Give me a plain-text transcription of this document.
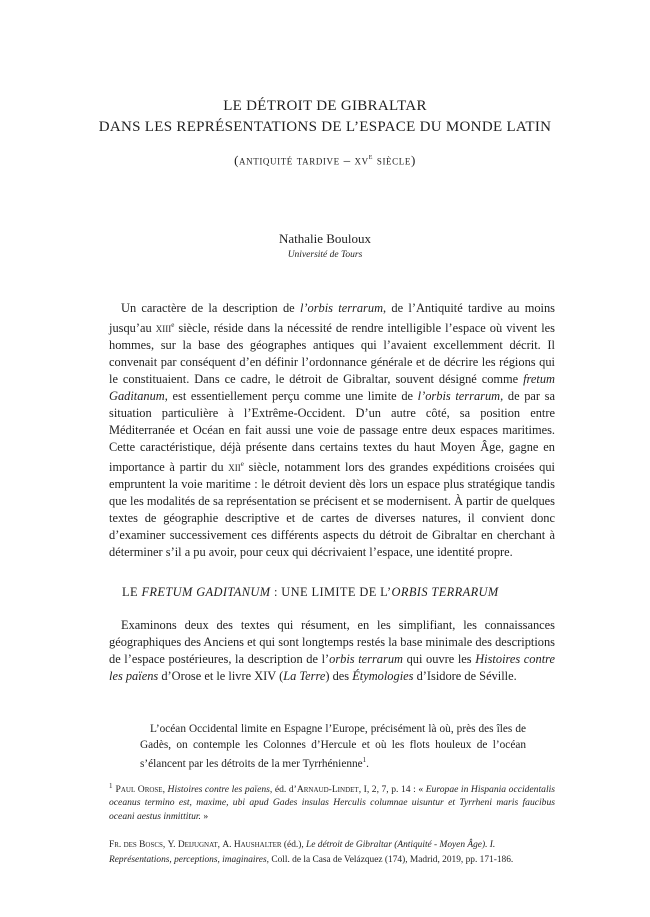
LE DÉTROIT DE GIBRALTAR
DANS LES REPRÉSENTATIONS DE L’ESPACE DU MONDE LATIN
(antiquité tardive – $xv^e$ siècle)
Nathalie Bouloux
Université de Tours

Un caractère de la description de l’orbis terrarum, de l’Antiquité tardive au moins jusqu’au xiii$^e$ siècle, réside dans la nécessité de rendre intelligible l’espace où vivent les hommes, sur la base des géographes antiques qui l’avaient excellemment décrit. Il convenait par conséquent d’en définir l’ordonnance générale et de décrire les régions qui le constituaient. Dans ce cadre, le détroit de Gibraltar, souvent désigné comme fretum Gaditanum, est essentiellement perçu comme une limite de l’orbis terrarum, de par sa situation particulière à l’Extrême-Occident. D’un autre côté, sa position entre Méditerranée et Océan en fait aussi une voie de passage entre deux espaces maritimes. Cette caractéristique, déjà présente dans certains textes du haut Moyen Âge, gagne en importance à partir du xii$^e$ siècle, notamment lors des grandes expéditions croisées qui empruntent la voie maritime : le détroit devient dès lors un espace plus stratégique tandis que les modalités de sa représentation se précisent et se modernisent. À partir de quelques textes de géographie descriptive et de cartes de diverses natures, il convient donc d’examiner successivement ces différents aspects du détroit de Gibraltar en cherchant à déterminer s’il a pu avoir, pour ceux qui décrivaient l’espace, une identité propre.

LE FRETUM GADITANUM : UNE LIMITE DE L’ORBIS TERRARUM

Examinons deux des textes qui résument, en les simplifiant, les connaissances géographiques des Anciens et qui sont longtemps restés la base minimale des descriptions de l’espace postérieures, la description de l’orbis terrarum qui ouvre les Histoires contre les païens d’Orose et le livre XIV (La Terre) des Étymologies d’Isidore de Séville.

L’océan Occidental limite en Espagne l’Europe, précisément là où, près des îles de Gadès, on contemple les Colonnes d’Hercule et où les flots houleux de l’océan s’élancent par les détroits de la mer Tyrrhénienne$^1$.

$^1$ Paul Orose, Histoires contre les païens, éd. d’Arnaud-Lindet, I, 2, 7, p. 14 : « Europae in Hispania occidentalis oceanus termino est, maxime, ubi apud Gades insulas Herculis columnae uisuntur et Tyrrheni maris faucibus oceani aestus inmittitur. »

Fr. des Boscs, Y. Deijugnat, A. Haushalter (éd.), Le détroit de Gibraltar (Antiquité - Moyen Âge). I. Représentations, perceptions, imaginaires, Coll. de la Casa de Velázquez (174), Madrid, 2019, pp. 171-186.
